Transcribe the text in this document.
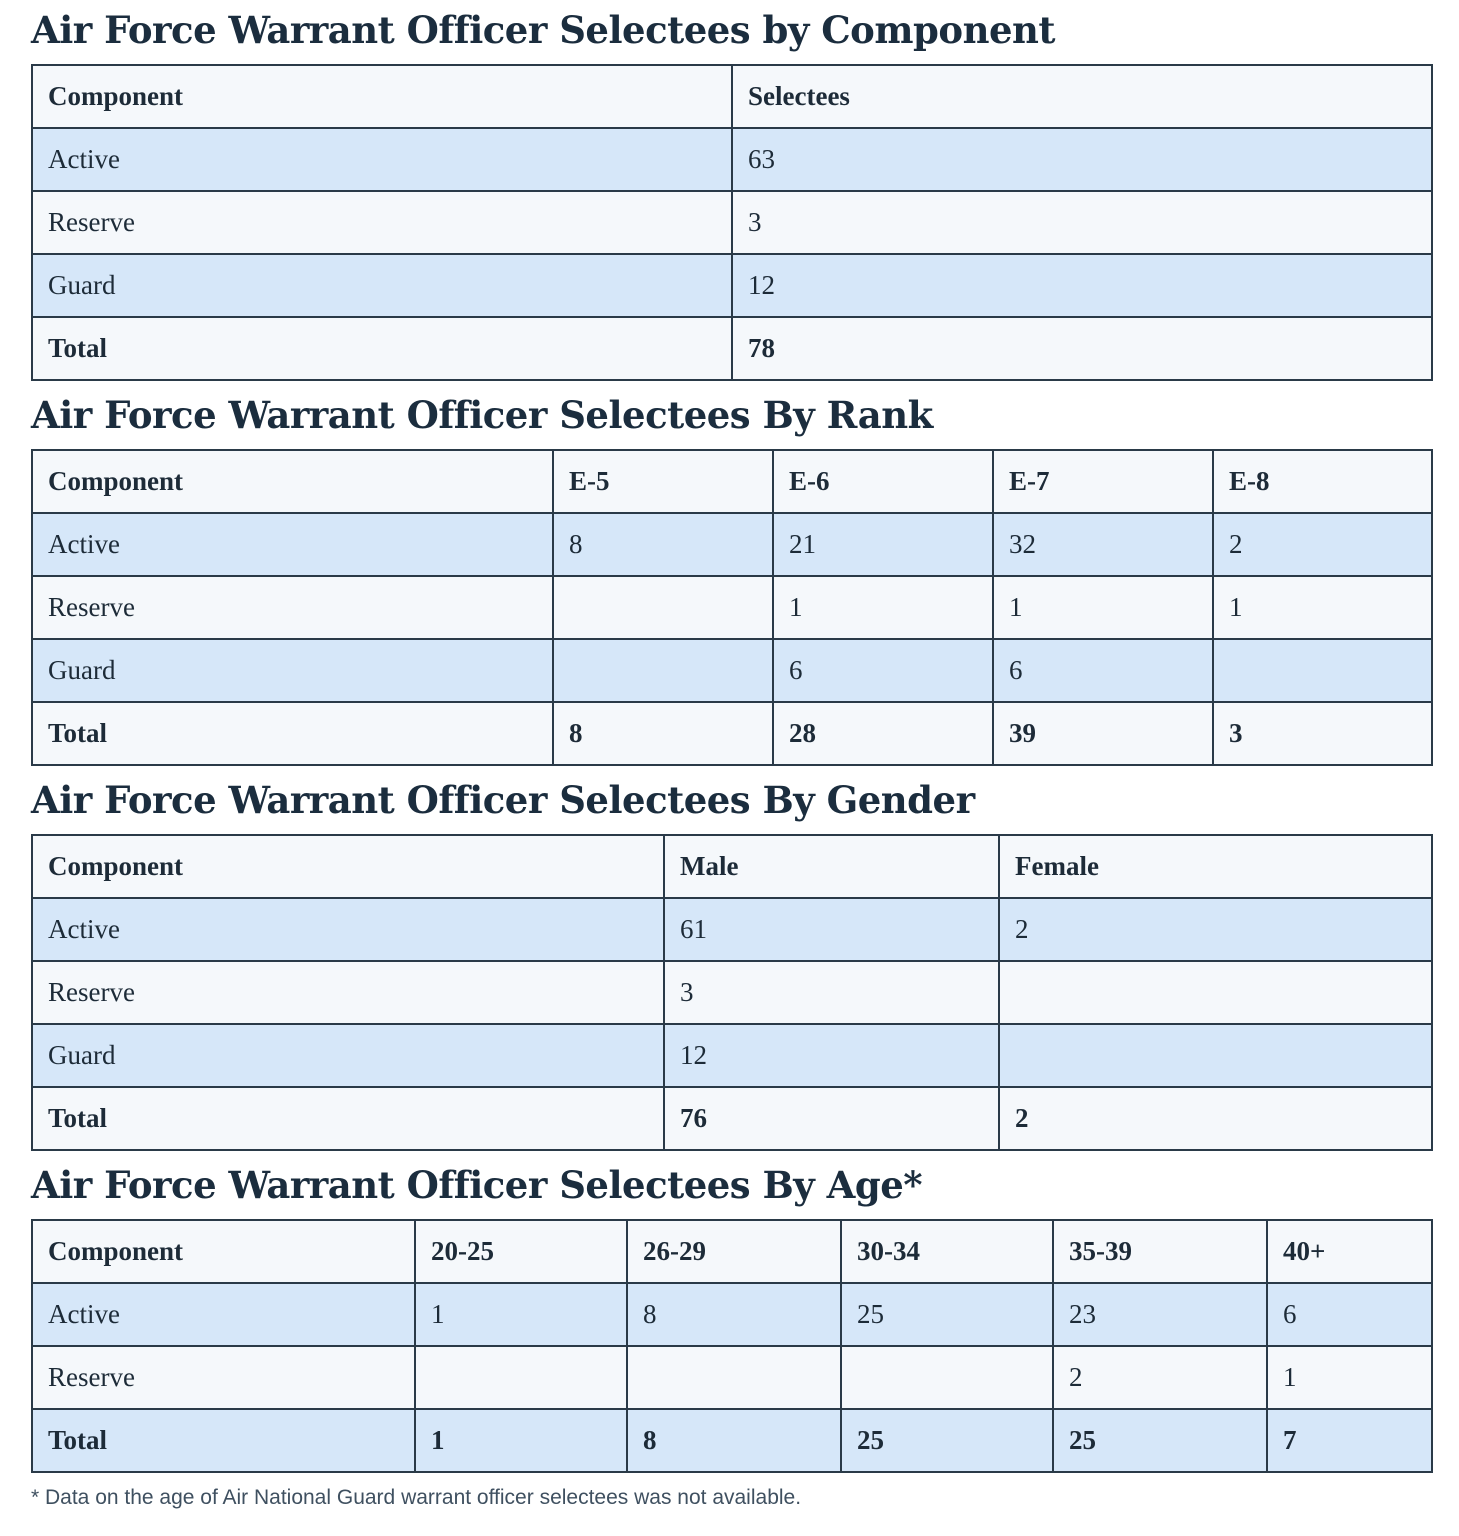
Air Force Warrant Officer Selectees by Component
Component	Selectees
Active	63
Reserve	3
Guard	12
Total	78
Air Force Warrant Officer Selectees By Rank
Component	E-5	E-6	E-7	E-8
Active	8	21	32	2
Reserve		1	1	1
Guard		6	6	
Total	8	28	39	3
Air Force Warrant Officer Selectees By Gender
Component	Male	Female
Active	61	2
Reserve	3	
Guard	12	
Total	76	2
Air Force Warrant Officer Selectees By Age*
Component	20-25	26-29	30-34	35-39	40+
Active	1	8	25	23	6
Reserve				2	1
Total	1	8	25	25	7
* Data on the age of Air National Guard warrant officer selectees was not available.
